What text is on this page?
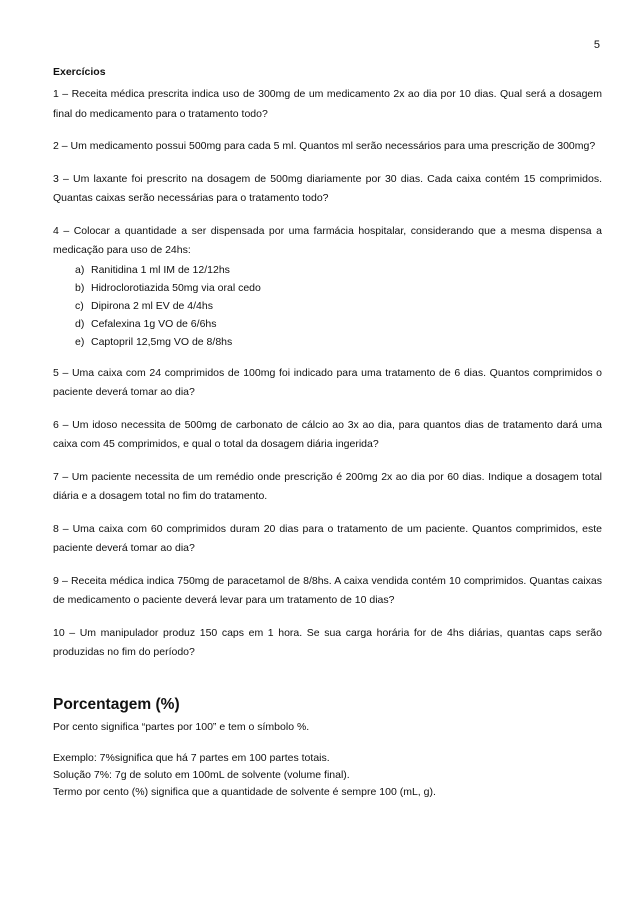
5
Exercícios

1 – Receita médica prescrita indica uso de 300mg de um medicamento 2x ao dia por 10 dias. Qual será a dosagem final do medicamento para o tratamento todo?

2 – Um medicamento possui 500mg para cada 5 ml. Quantos ml serão necessários para uma prescrição de 300mg?

3 – Um laxante foi prescrito na dosagem de 500mg diariamente por 30 dias. Cada caixa contém 15 comprimidos. Quantas caixas serão necessárias para o tratamento todo?

4 – Colocar a quantidade a ser dispensada por uma farmácia hospitalar, considerando que a mesma dispensa a medicação para uso de 24hs:

a) Ranitidina 1 ml IM de 12/12hs
b) Hidroclorotiazida 50mg via oral cedo
c) Dipirona 2 ml EV de 4/4hs
d) Cefalexina 1g VO de 6/6hs
e) Captopril 12,5mg VO de 8/8hs

5 – Uma caixa com 24 comprimidos de 100mg foi indicado para uma tratamento de 6 dias. Quantos comprimidos o paciente deverá tomar ao dia?

6 – Um idoso necessita de 500mg de carbonato de cálcio ao 3x ao dia, para quantos dias de tratamento dará uma caixa com 45 comprimidos, e qual o total da dosagem diária ingerida?

7 – Um paciente necessita de um remédio onde prescrição é 200mg 2x ao dia por 60 dias. Indique a dosagem total diária e a dosagem total no fim do tratamento.

8 – Uma caixa com 60 comprimidos duram 20 dias para o tratamento de um paciente. Quantos comprimidos, este paciente deverá tomar ao dia?

9 – Receita médica indica 750mg de paracetamol de 8/8hs. A caixa vendida contém 10 comprimidos. Quantas caixas de medicamento o paciente deverá levar para um tratamento de 10 dias?

10 – Um manipulador produz 150 caps em 1 hora. Se sua carga horária for de 4hs diárias, quantas caps serão produzidas no fim do período?

Porcentagem (%)

Por cento significa “partes por 100” e tem o símbolo %.

Exemplo: 7%significa que há 7 partes em 100 partes totais.

Solução 7%: 7g de soluto em 100mL de solvente (volume final).

Termo por cento (%) significa que a quantidade de solvente é sempre 100 (mL, g).
